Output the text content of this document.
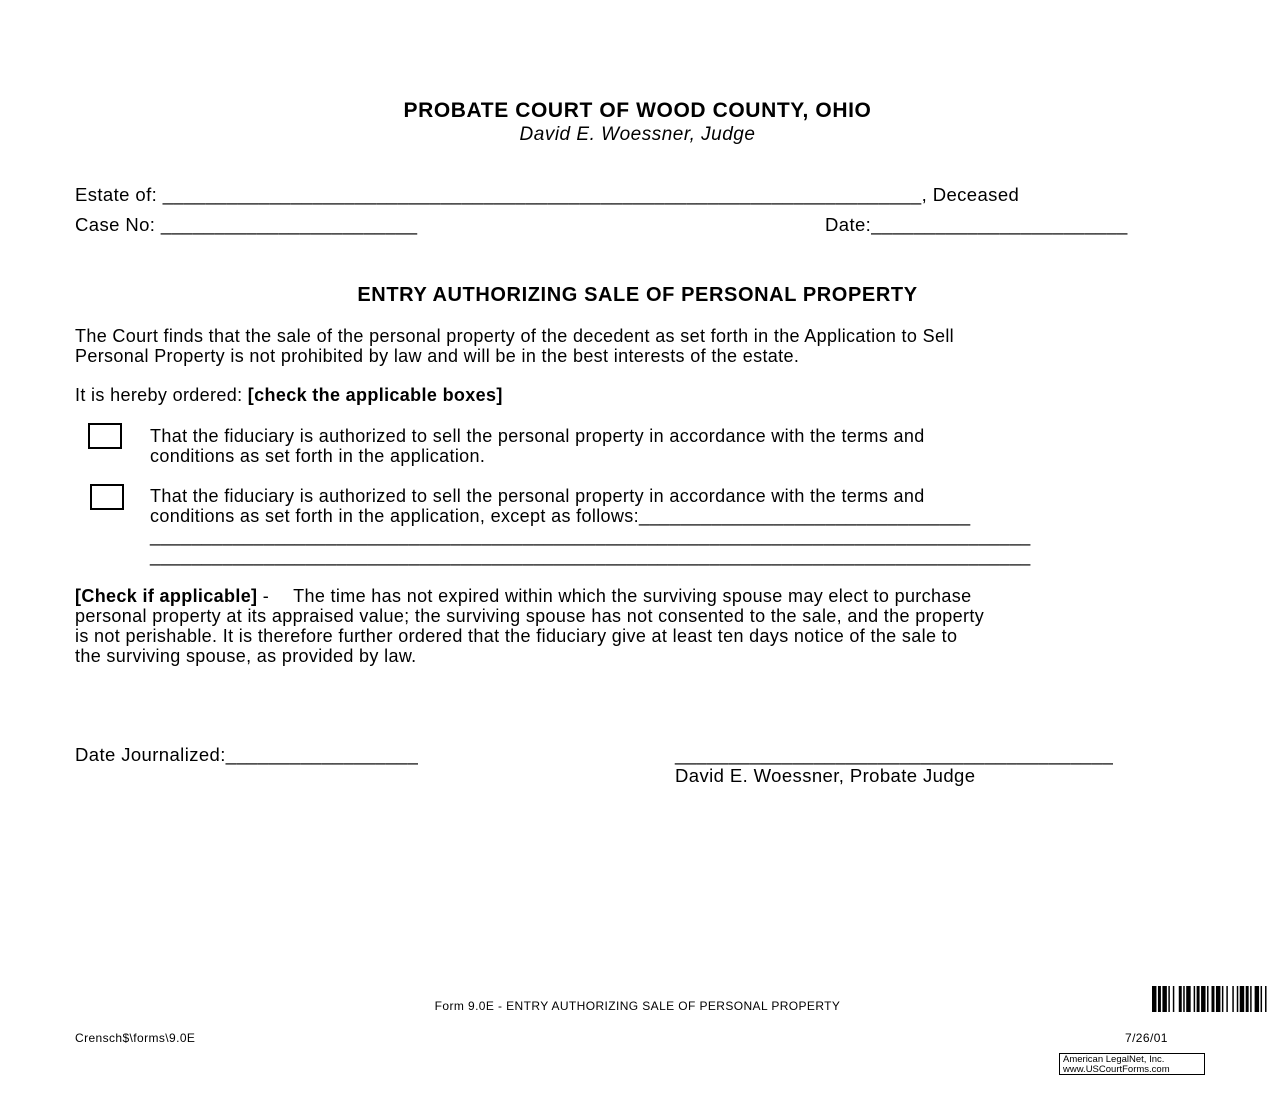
PROBATE COURT OF WOOD COUNTY, OHIO
David E. Woessner, Judge
Estate of: _______________________________________________________________________, Deceased
Case No: ________________________	Date:________________________
ENTRY AUTHORIZING SALE OF PERSONAL PROPERTY
The Court finds that the sale of the personal property of the decedent as set forth in the Application to Sell
Personal Property is not prohibited by law and will be in the best interests of the estate.
It is hereby ordered: [check the applicable boxes]
That the fiduciary is authorized to sell the personal property in accordance with the terms and
conditions as set forth in the application.
That the fiduciary is authorized to sell the personal property in accordance with the terms and
conditions as set forth in the application, except as follows:________________________________
_____________________________________________________________________________________
_____________________________________________________________________________________
[Check if applicable] - The time has not expired within which the surviving spouse may elect to purchase
personal property at its appraised value; the surviving spouse has not consented to the sale, and the property
is not perishable. It is therefore further ordered that the fiduciary give at least ten days notice of the sale to
the surviving spouse, as provided by law.
Date Journalized:__________________	_________________________________________
David E. Woessner, Probate Judge
Form 9.0E - ENTRY AUTHORIZING SALE OF PERSONAL PROPERTY
Crensch$\forms\9.0E	7/26/01
American LegalNet, Inc.
www.USCourtForms.com
